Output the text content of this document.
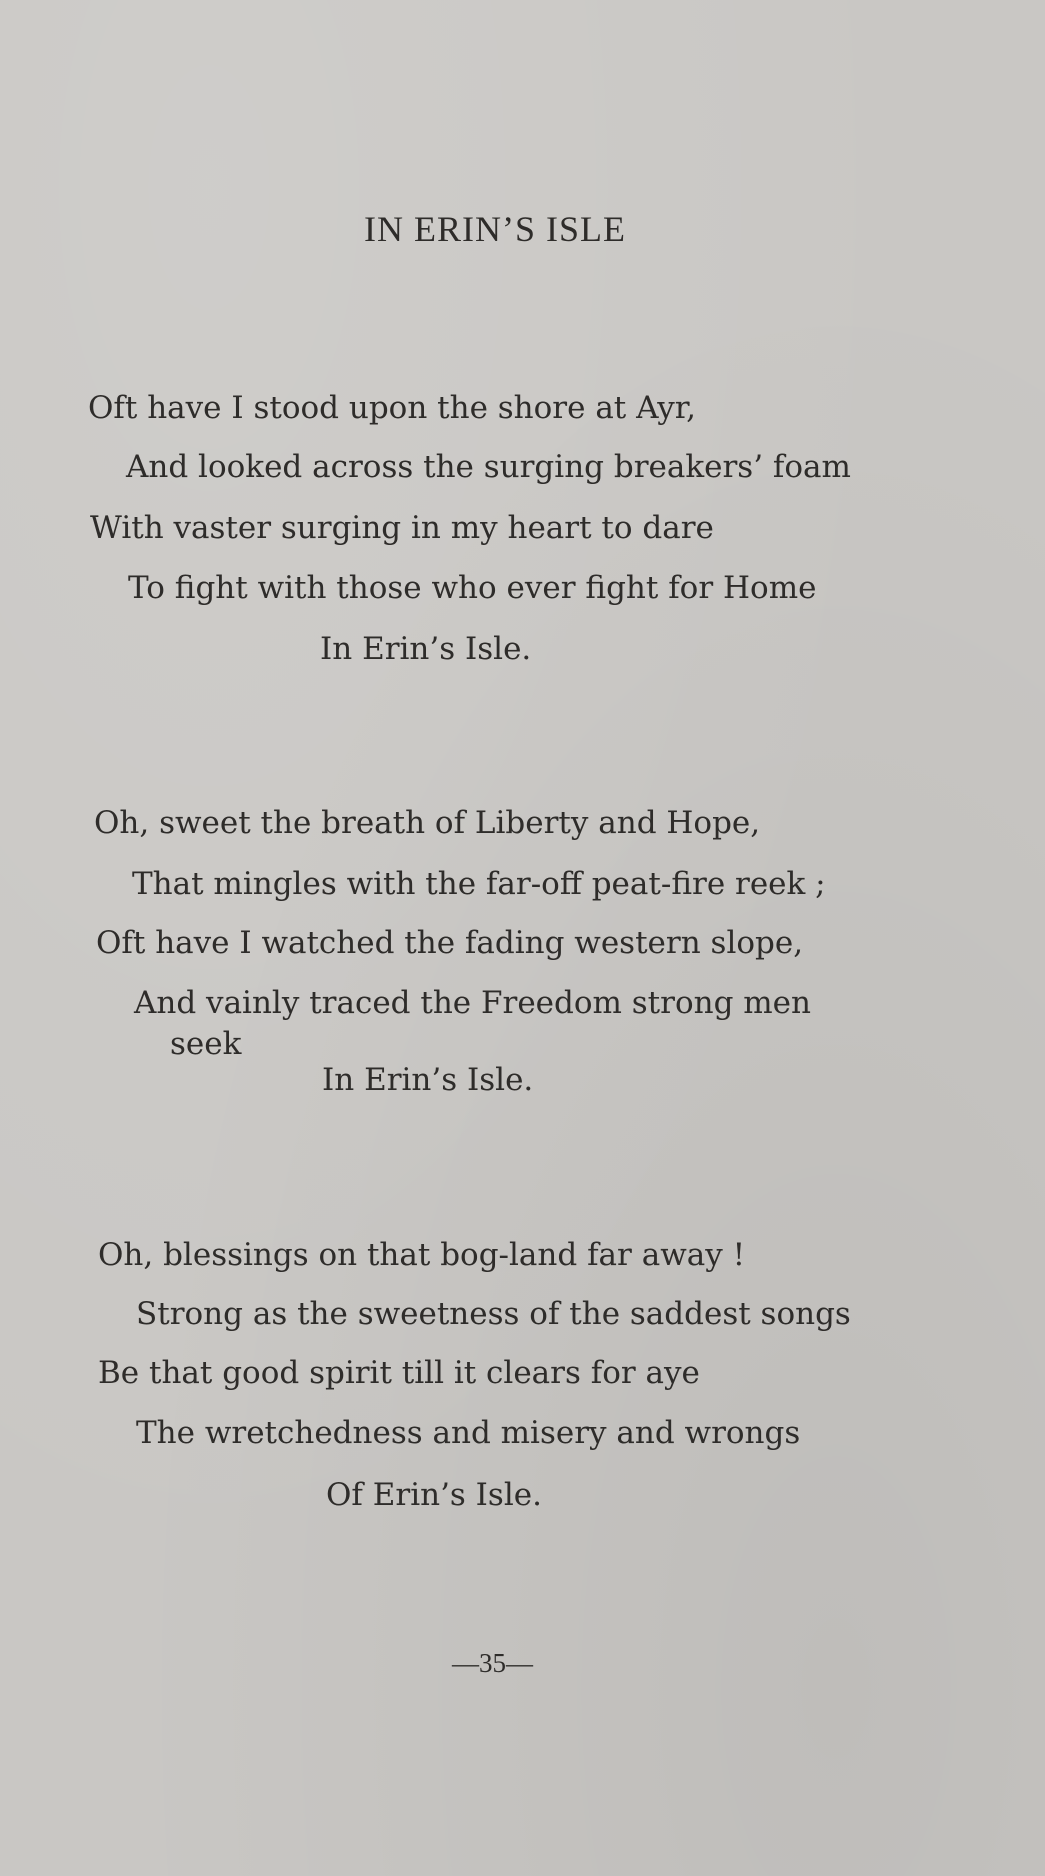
IN ERIN’S ISLE
Oft have I stood upon the shore at Ayr,
And looked across the surging breakers’ foam
With vaster surging in my heart to dare
To fight with those who ever fight for Home
In Erin’s Isle.
Oh, sweet the breath of Liberty and Hope,
That mingles with the far-off peat-fire reek ;
Oft have I watched the fading western slope,
And vainly traced the Freedom strong men
seek
In Erin’s Isle.
Oh, blessings on that bog-land far away !
Strong as the sweetness of the saddest songs
Be that good spirit till it clears for aye
The wretchedness and misery and wrongs
Of Erin’s Isle.
—35—
